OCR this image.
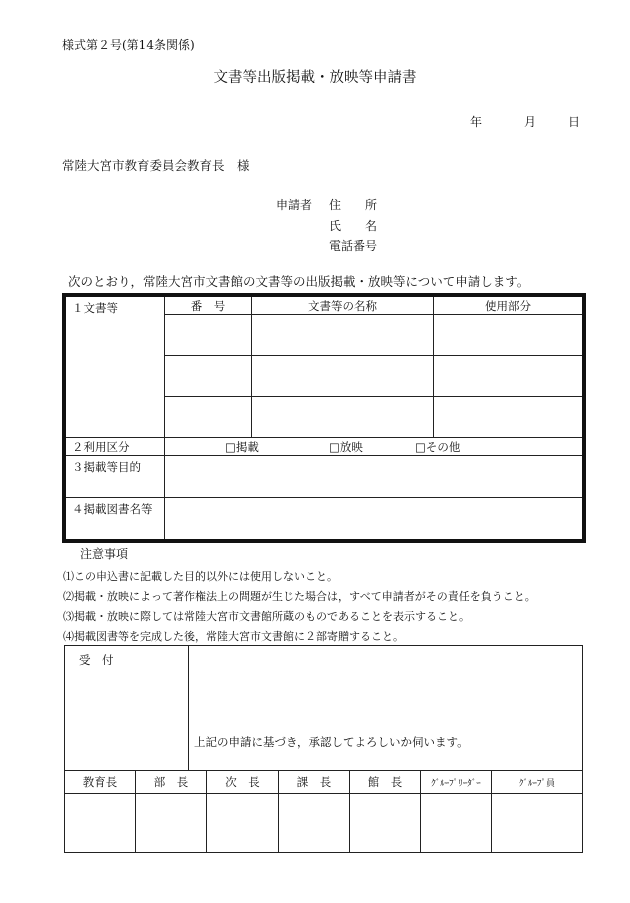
様式第２号(第14条関係)
文書等出版掲載・放映等申請書
年	月	日
常陸大宮市教育委員会教育長　様
申請者	住　　所
氏　　名
電話番号
次のとおり，常陸大宮市文書館の文書等の出版掲載・放映等について申請します。
１文書等	番　号	文書等の名称	使用部分

２利用区分	□掲載 □放映 □その他		
３掲載等目的			
４掲載図書名等			
注意事項
⑴この申込書に記載した目的以外には使用しないこと。
⑵掲載・放映によって著作権法上の問題が生じた場合は，すべて申請者がその責任を負うこと。
⑶掲載・放映に際しては常陸大宮市文書館所蔵のものであることを表示すること。
⑷掲載図書等を完成した後，常陸大宮市文書館に２部寄贈すること。
受　付		上記の申請に基づき，承認してよろしいか伺います。					
教育長	部　長		次　長	課　長	館　長	ｸﾞﾙｰﾌﾟﾘｰﾀﾞｰ	ｸﾞﾙｰﾌﾟ員
